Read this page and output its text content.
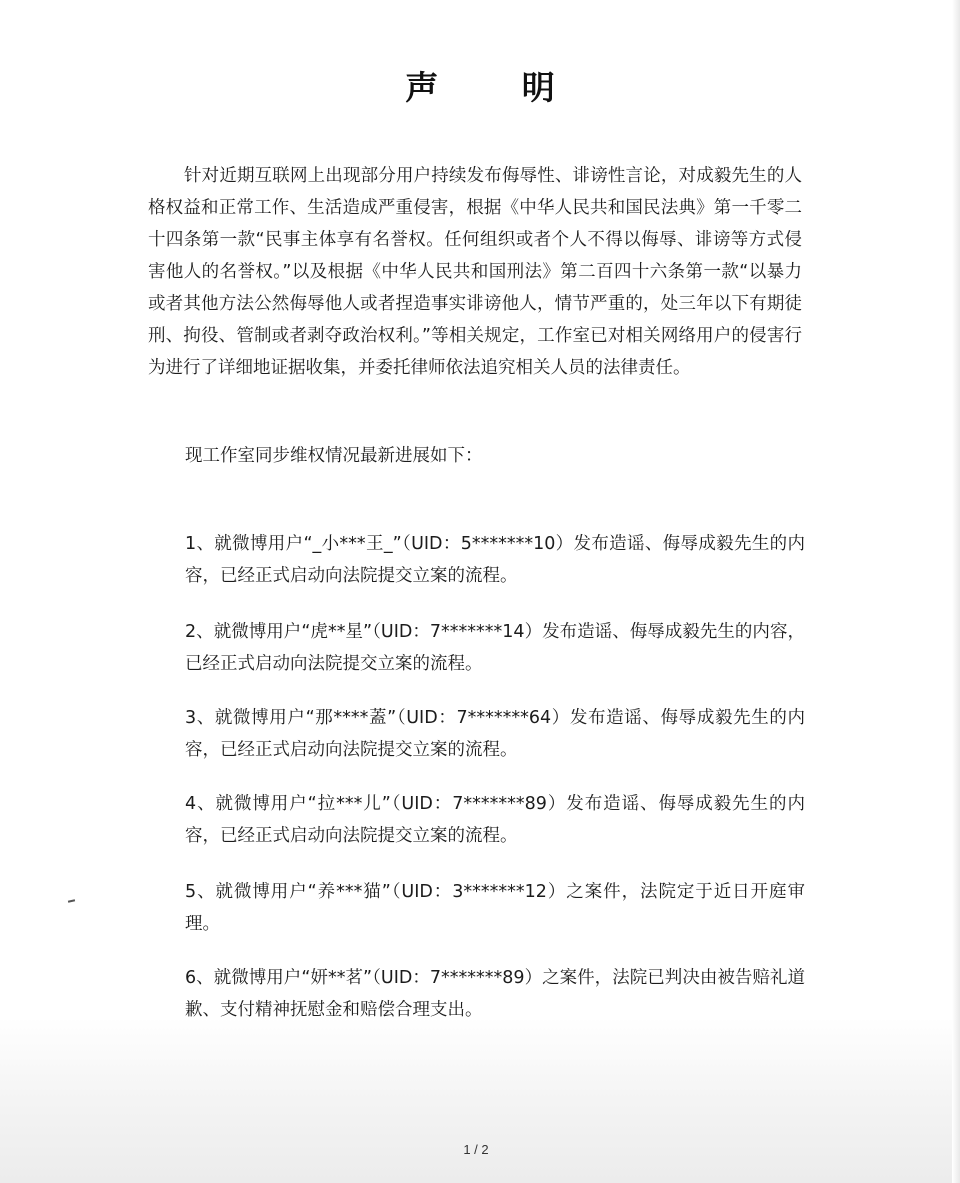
声 明

针对近期互联网上出现部分用户持续发布侮辱性、诽谤性言论，对成毅先生的人格权益和正常工作、生活造成严重侵害，根据《中华人民共和国民法典》第一千零二十四条第一款“民事主体享有名誉权。任何组织或者个人不得以侮辱、诽谤等方式侵害他人的名誉权。”以及根据《中华人民共和国刑法》第二百四十六条第一款“以暴力或者其他方法公然侮辱他人或者捏造事实诽谤他人，情节严重的，处三年以下有期徒刑、拘役、管制或者剥夺政治权利。”等相关规定，工作室已对相关网络用户的侵害行为进行了详细地证据收集，并委托律师依法追究相关人员的法律责任。

现工作室同步维权情况最新进展如下：

1、就微博用户“_小***王_”（UID：5*******10）发布造谣、侮辱成毅先生的内容，已经正式启动向法院提交立案的流程。

2、就微博用户“虎**星”（UID：7*******14）发布造谣、侮辱成毅先生的内容，已经正式启动向法院提交立案的流程。

3、就微博用户“那****蓋”（UID：7*******64）发布造谣、侮辱成毅先生的内容，已经正式启动向法院提交立案的流程。

4、就微博用户“拉***儿”（UID：7*******89）发布造谣、侮辱成毅先生的内容，已经正式启动向法院提交立案的流程。

5、就微博用户“养***猫”（UID：3*******12）之案件，法院定于近日开庭审理。

6、就微博用户“妍**茗”（UID：7*******89）之案件，法院已判决由被告赔礼道歉、支付精神抚慰金和赔偿合理支出。

1 / 2
